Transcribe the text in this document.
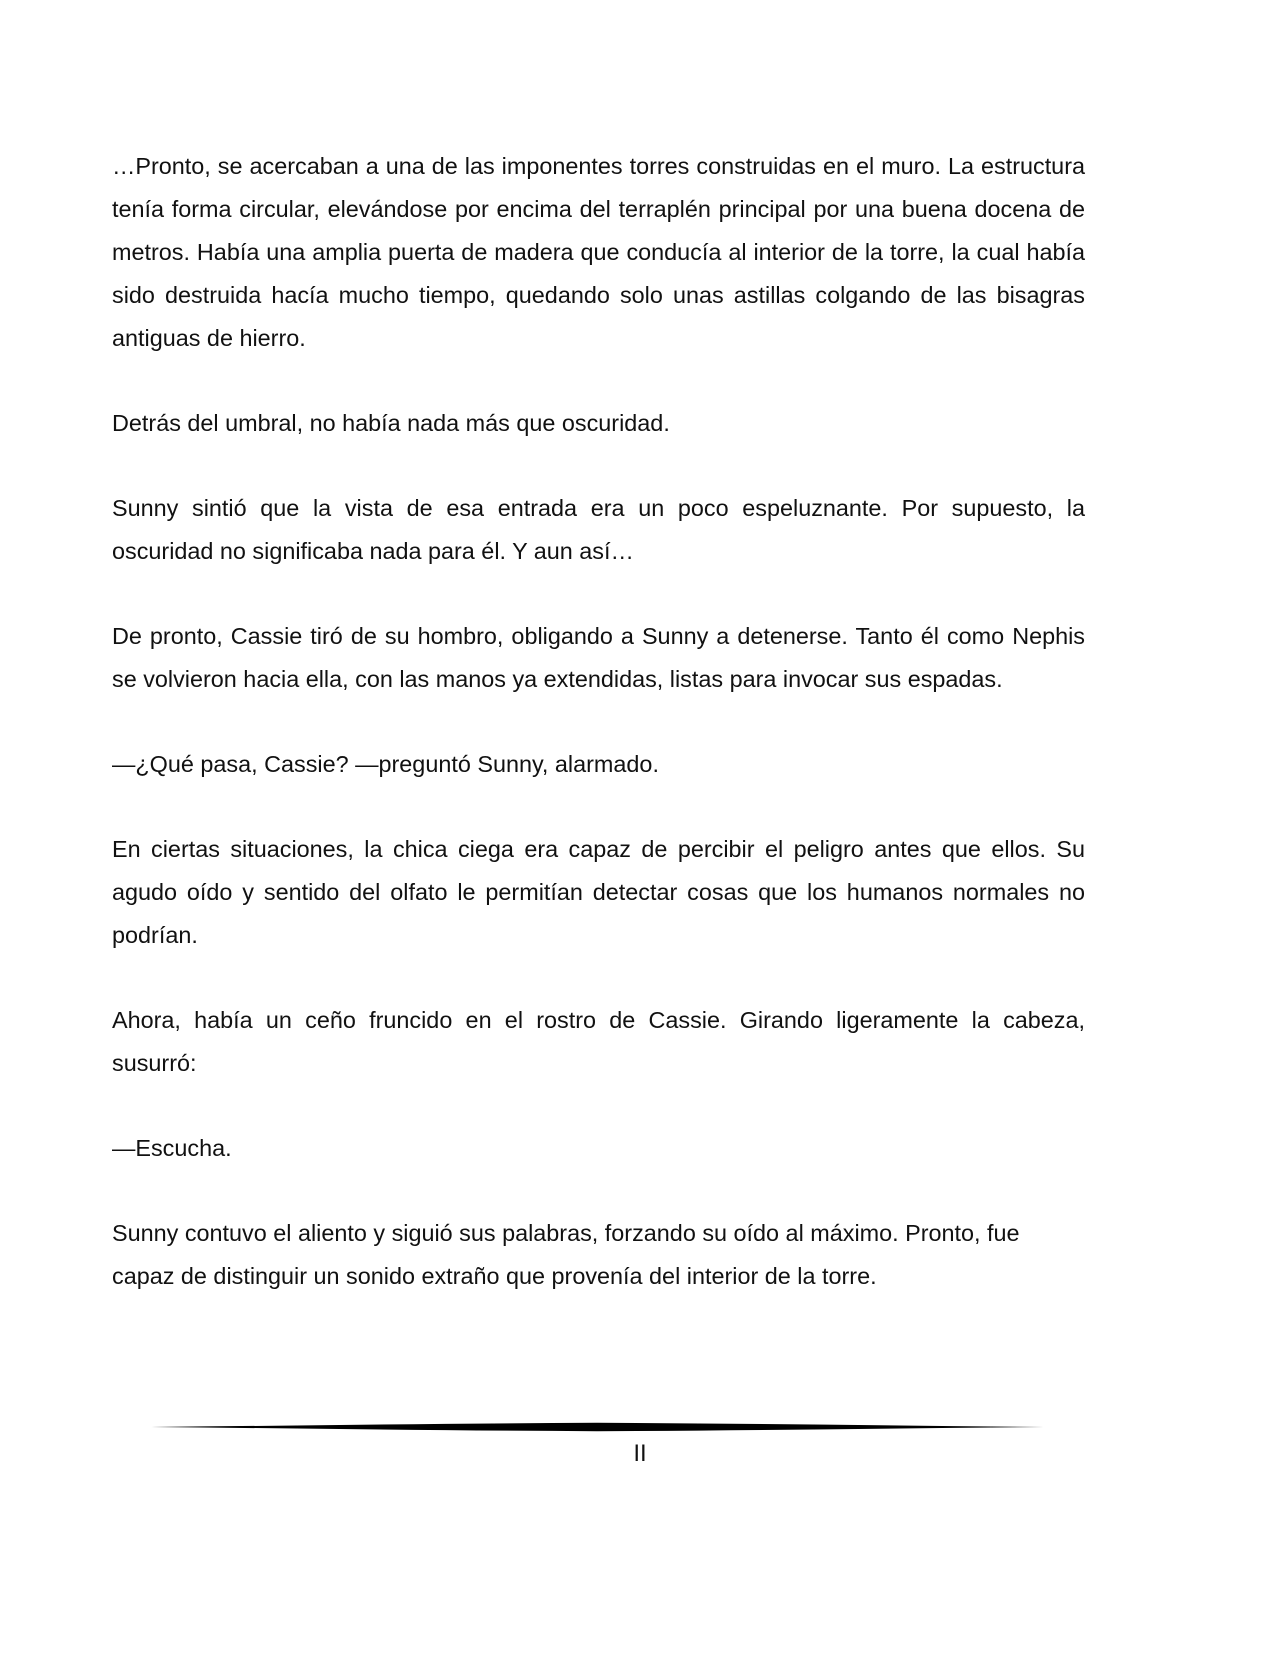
…Pronto, se acercaban a una de las imponentes torres construidas en el muro. La estructura tenía forma circular, elevándose por encima del terraplén principal por una buena docena de metros. Había una amplia puerta de madera que conducía al interior de la torre, la cual había sido destruida hacía mucho tiempo, quedando solo unas astillas colgando de las bisagras antiguas de hierro.

Detrás del umbral, no había nada más que oscuridad.

Sunny sintió que la vista de esa entrada era un poco espeluznante. Por supuesto, la oscuridad no significaba nada para él. Y aun así…

De pronto, Cassie tiró de su hombro, obligando a Sunny a detenerse. Tanto él como Nephis se volvieron hacia ella, con las manos ya extendidas, listas para invocar sus espadas.

—¿Qué pasa, Cassie? —preguntó Sunny, alarmado.

En ciertas situaciones, la chica ciega era capaz de percibir el peligro antes que ellos. Su agudo oído y sentido del olfato le permitían detectar cosas que los humanos normales no podrían.

Ahora, había un ceño fruncido en el rostro de Cassie. Girando ligeramente la cabeza, susurró:

—Escucha.

Sunny contuvo el aliento y siguió sus palabras, forzando su oído al máximo. Pronto, fue capaz de distinguir un sonido extraño que provenía del interior de la torre.

II
